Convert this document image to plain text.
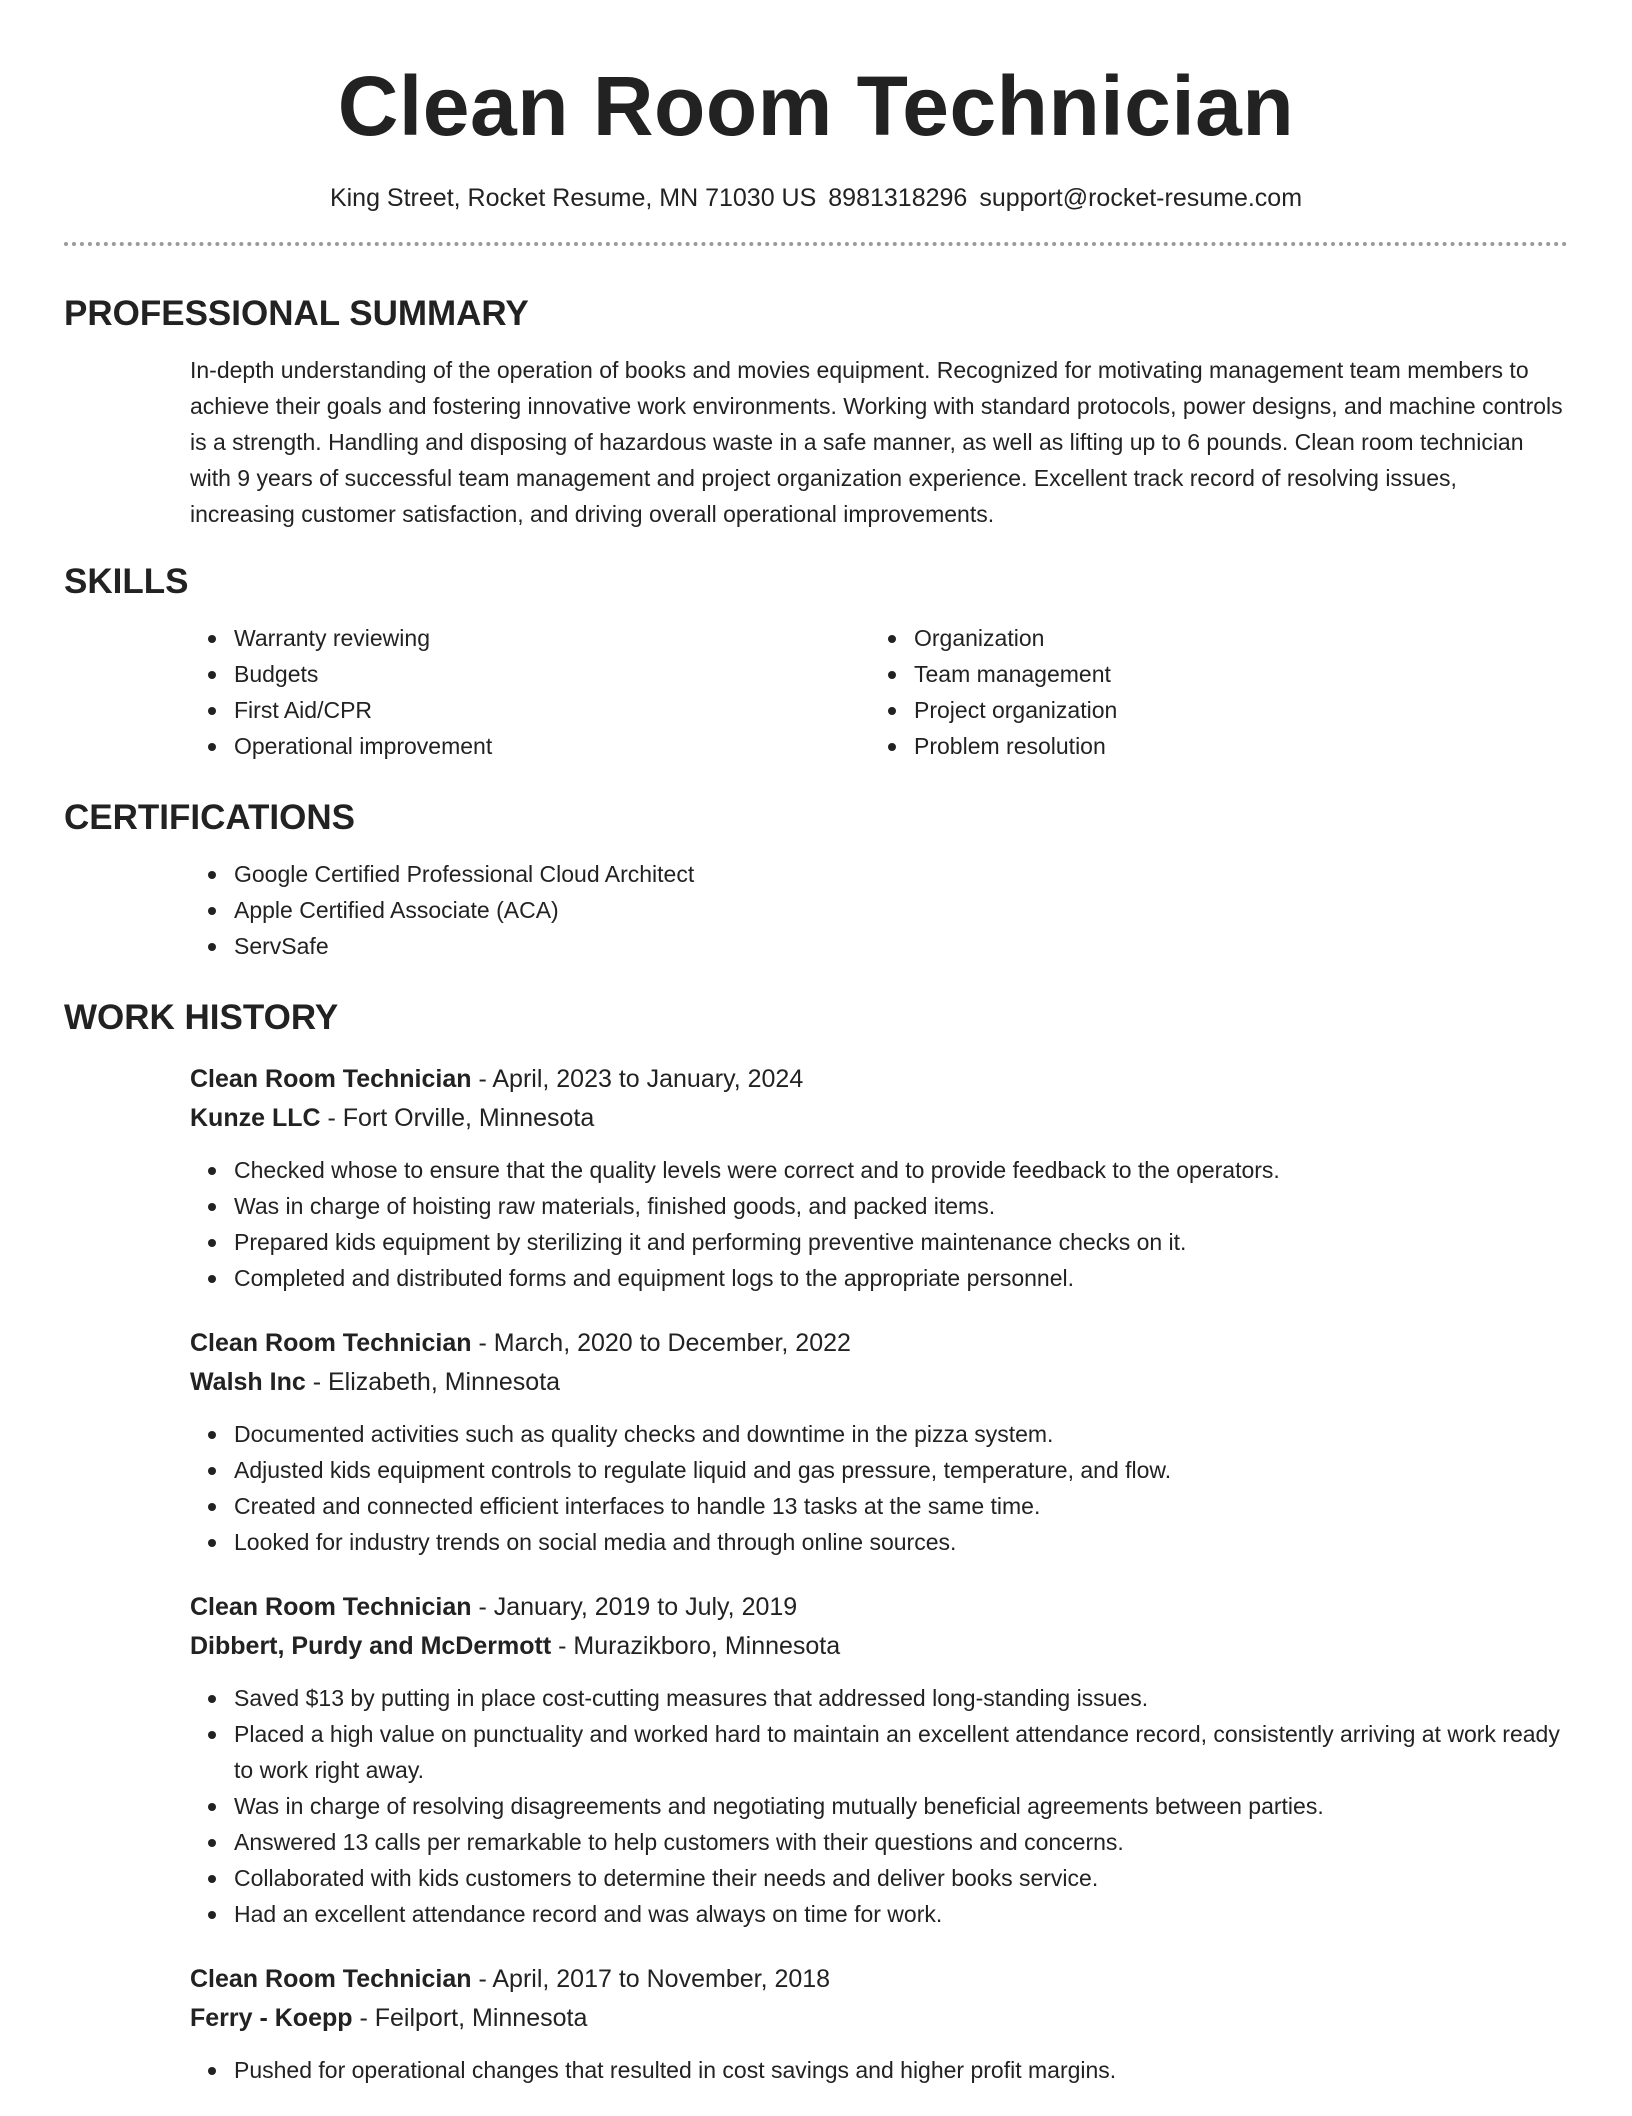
Clean Room Technician
King Street, Rocket Resume, MN 71030 US 8981318296 support@rocket-resume.com
PROFESSIONAL SUMMARY

In-depth understanding of the operation of books and movies equipment. Recognized for motivating management team members to achieve their goals and fostering innovative work environments. Working with standard protocols, power designs, and machine controls is a strength. Handling and disposing of hazardous waste in a safe manner, as well as lifting up to 6 pounds. Clean room technician with 9 years of successful team management and project organization experience. Excellent track record of resolving issues, increasing customer satisfaction, and driving overall operational improvements.

SKILLS
Warranty reviewing
Budgets
First Aid/CPR
Operational improvement
Organization
Team management
Project organization
Problem resolution
CERTIFICATIONS
Google Certified Professional Cloud Architect
Apple Certified Associate (ACA)
ServSafe
WORK HISTORY
Clean Room Technician - April, 2023 to January, 2024
Kunze LLC - Fort Orville, Minnesota
Checked whose to ensure that the quality levels were correct and to provide feedback to the operators.
Was in charge of hoisting raw materials, finished goods, and packed items.
Prepared kids equipment by sterilizing it and performing preventive maintenance checks on it.
Completed and distributed forms and equipment logs to the appropriate personnel.
Clean Room Technician - March, 2020 to December, 2022
Walsh Inc - Elizabeth, Minnesota
Documented activities such as quality checks and downtime in the pizza system.
Adjusted kids equipment controls to regulate liquid and gas pressure, temperature, and flow.
Created and connected efficient interfaces to handle 13 tasks at the same time.
Looked for industry trends on social media and through online sources.
Clean Room Technician - January, 2019 to July, 2019
Dibbert, Purdy and McDermott - Murazikboro, Minnesota
Saved $13 by putting in place cost-cutting measures that addressed long-standing issues.
Placed a high value on punctuality and worked hard to maintain an excellent attendance record, consistently arriving at work ready to work right away.
Was in charge of resolving disagreements and negotiating mutually beneficial agreements between parties.
Answered 13 calls per remarkable to help customers with their questions and concerns.
Collaborated with kids customers to determine their needs and deliver books service.
Had an excellent attendance record and was always on time for work.
Clean Room Technician - April, 2017 to November, 2018
Ferry - Koepp - Feilport, Minnesota
Pushed for operational changes that resulted in cost savings and higher profit margins.
